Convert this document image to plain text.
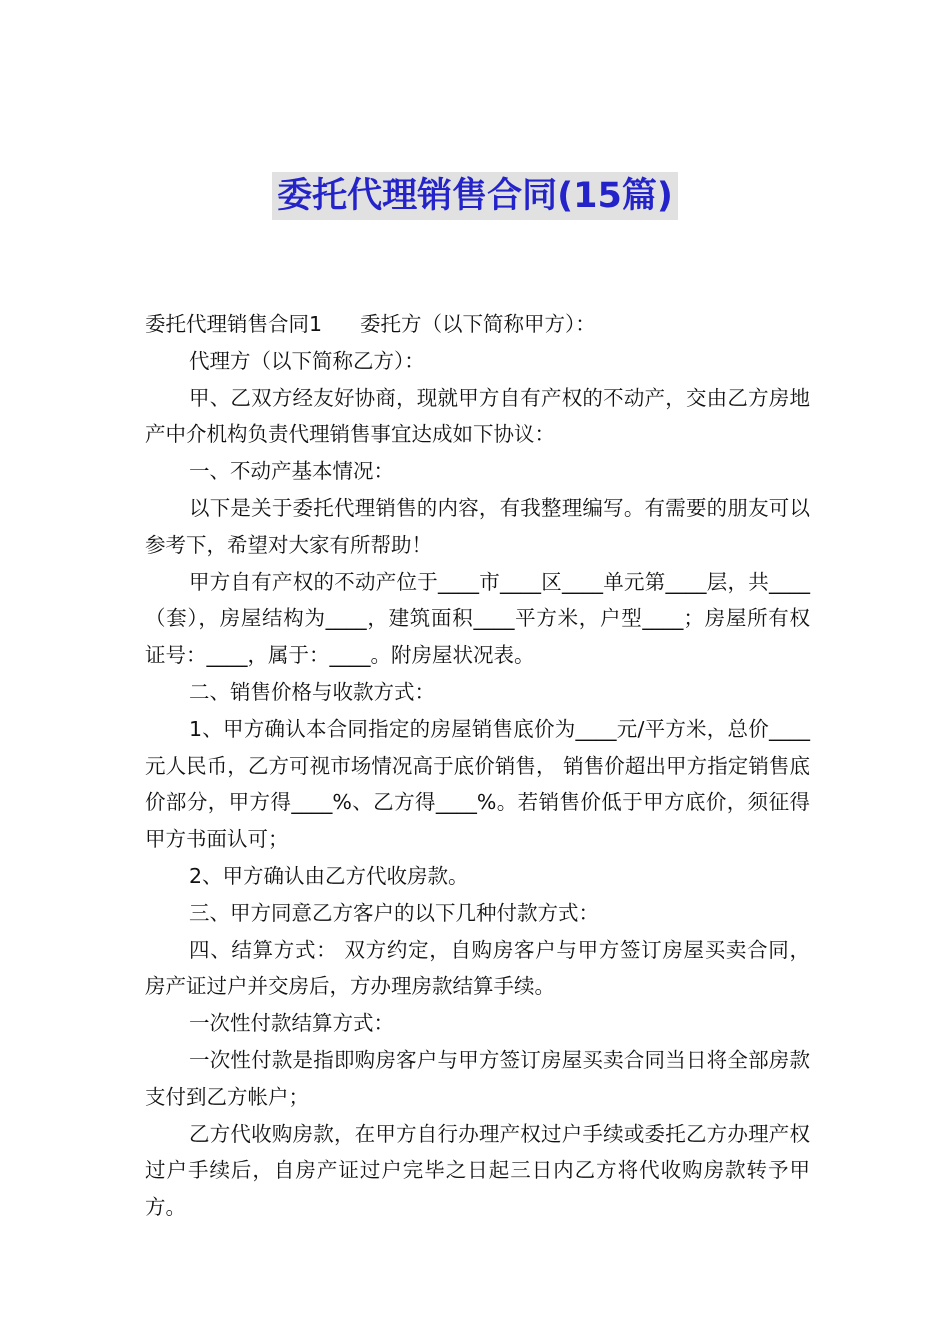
委托代理销售合同(15篇)

委托代理销售合同1 委托方（以下简称甲方）：

代理方（以下简称乙方）：

甲、乙双方经友好协商，现就甲方自有产权的不动产，交由乙方房地产中介机构负责代理销售事宜达成如下协议：

一、不动产基本情况：

以下是关于委托代理销售的内容，有我整理编写。有需要的朋友可以参考下，希望对大家有所帮助！

甲方自有产权的不动产位于____市____区____单元第____层，共____（套），房屋结构为____，建筑面积____平方米，户型____；房屋所有权证号：____，属于：____。附房屋状况表。

二、销售价格与收款方式：

1、甲方确认本合同指定的房屋销售底价为____元/平方米，总价____元人民币，乙方可视市场情况高于底价销售， 销售价超出甲方指定销售底价部分，甲方得____%、乙方得____%。若销售价低于甲方底价，须征得甲方书面认可；

2、甲方确认由乙方代收房款。

三、甲方同意乙方客户的以下几种付款方式：

四、结算方式： 双方约定，自购房客户与甲方签订房屋买卖合同，房产证过户并交房后，方办理房款结算手续。

一次性付款结算方式：

一次性付款是指即购房客户与甲方签订房屋买卖合同当日将全部房款支付到乙方帐户；

乙方代收购房款，在甲方自行办理产权过户手续或委托乙方办理产权过户手续后，自房产证过户完毕之日起三日内乙方将代收购房款转予甲方。
